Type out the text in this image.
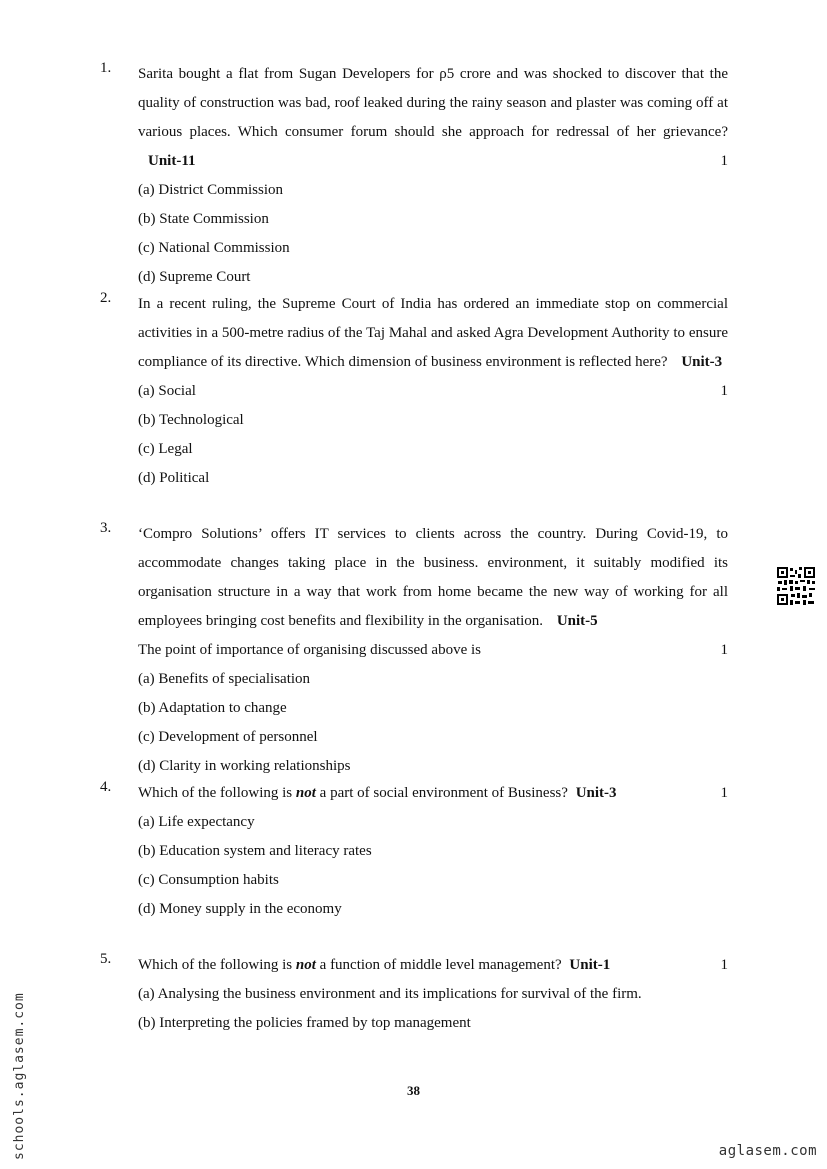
1. Sarita bought a flat from Sugan Developers for ρ5 crore and was shocked to discover that the quality of construction was bad, roof leaked during the rainy season and plaster was coming off at various places. Which consumer forum should she approach for redressal of her grievance? Unit-11	1
(a) District Commission
(b) State Commission
(c) National Commission
(d) Supreme Court
2. In a recent ruling, the Supreme Court of India has ordered an immediate stop on commercial activities in a 500-metre radius of the Taj Mahal and asked Agra Development Authority to ensure compliance of its directive. Which dimension of business environment is reflected here? Unit-3
1
(a) Social
(b) Technological
(c) Legal
(d) Political
3. ‘Compro Solutions’ offers IT services to clients across the country. During Covid-19, to accommodate changes taking place in the business. environment, it suitably modified its organisation structure in a way that work from home became the new way of working for all employees bringing cost benefits and flexibility in the organisation. Unit-5
The point of importance of organising discussed above is	1
(a) Benefits of specialisation
(b) Adaptation to change
(c) Development of personnel
(d) Clarity in working relationships
4. Which of the following is not a part of social environment of Business? Unit-3	1
(a) Life expectancy
(b) Education system and literacy rates
(c) Consumption habits
(d) Money supply in the economy
5. Which of the following is not a function of middle level management? Unit-1	1
(a) Analysing the business environment and its implications for survival of the firm.
(b) Interpreting the policies framed by top management
38
schools.aglasem.com	aglasem.com
